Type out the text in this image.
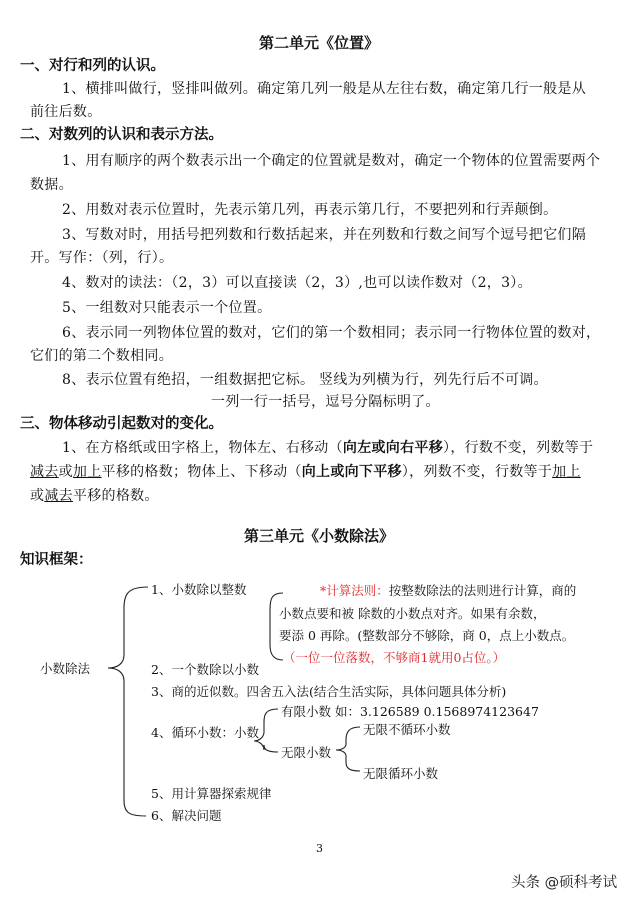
第二单元《位置》
一、对行和列的认识。
1、横排叫做行，竖排叫做列。确定第几列一般是从左往右数，确定第几行一般是从
前往后数。
二、对数列的认识和表示方法。
1、用有顺序的两个数表示出一个确定的位置就是数对，确定一个物体的位置需要两个
数据。
2、用数对表示位置时，先表示第几列，再表示第几行，不要把列和行弄颠倒。
3、写数对时，用括号把列数和行数括起来，并在列数和行数之间写个逗号把它们隔
开。写作：（列，行）。
4、数对的读法：（2，3）可以直接读（2，3）,也可以读作数对（2，3）。
5、一组数对只能表示一个位置。
6、表示同一列物体位置的数对，它们的第一个数相同；表示同一行物体位置的数对，
它们的第二个数相同。
8、表示位置有绝招，一组数据把它标。 竖线为列横为行，列先行后不可调。
一列一行一括号，逗号分隔标明了。
三、物体移动引起数对的变化。
1、在方格纸或田字格上，物体左、右移动（向左或向右平移），行数不变，列数等于
减去或加上平移的格数；物体上、下移动（向上或向下平移），列数不变，行数等于加上
或减去平移的格数。
第三单元《小数除法》
知识框架：
小数除法
1、小数除以整数
2、一个数除以小数
3、商的近似数。四舍五入法(结合生活实际，具体问题具体分析)
4、循环小数：小数
5、用计算器探索规律
6、解决问题
*计算法则：按整数除法的法则进行计算，商的
小数点要和被 除数的小数点对齐。如果有余数，
要添 0 再除。(整数部分不够除，商 0，点上小数点。
（一位一位落数，不够商1就用0占位。）
有限小数 如：3.126589 0.1568974123647
无限小数
无限不循环小数
无限循环小数
3
头条 @硕科考试
